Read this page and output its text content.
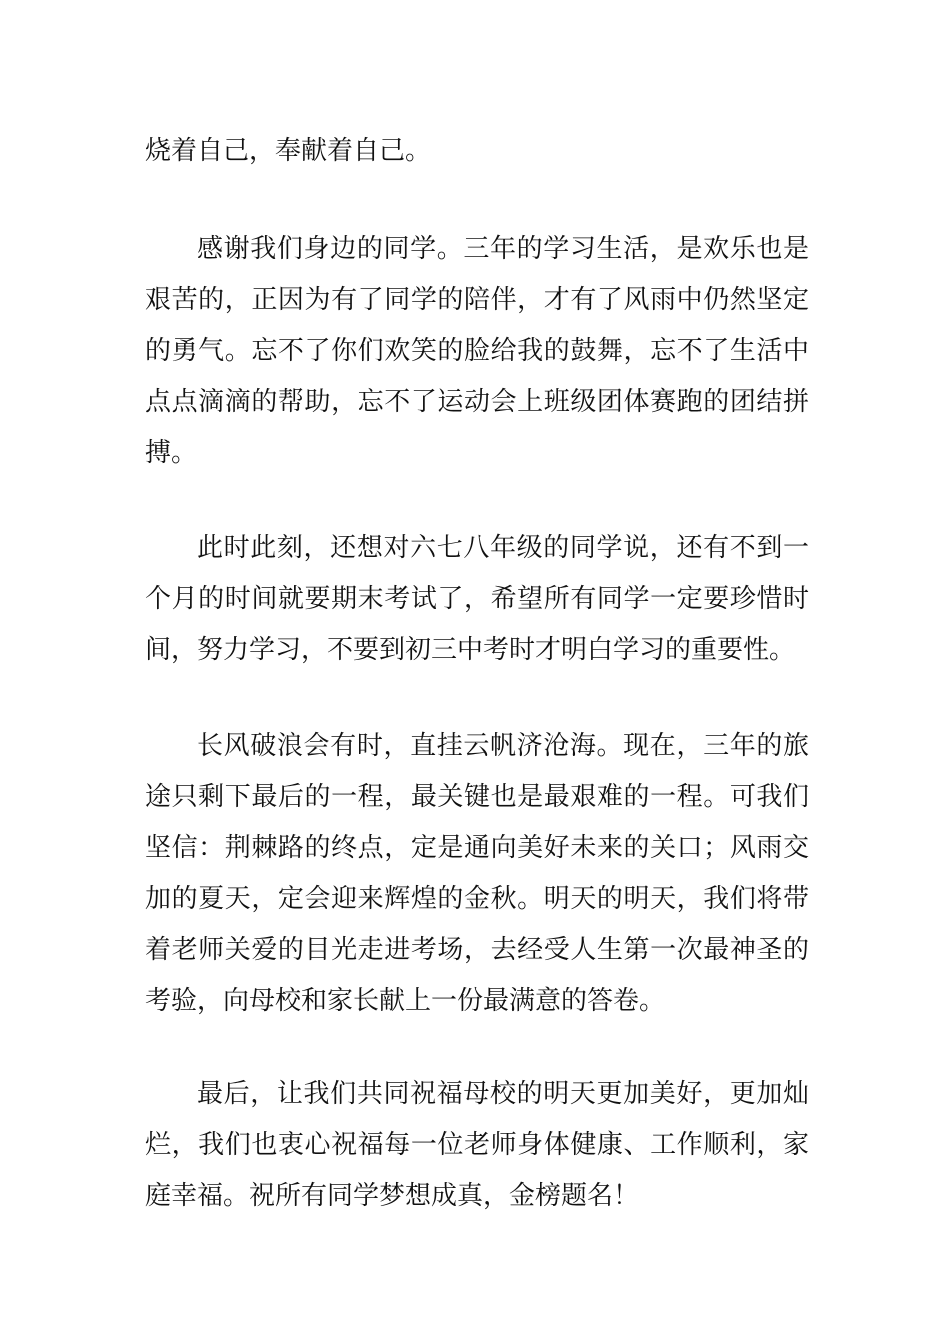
烧着自己，奉献着自己。

感谢我们身边的同学。三年的学习生活，是欢乐也是艰苦的，正因为有了同学的陪伴，才有了风雨中仍然坚定的勇气。忘不了你们欢笑的脸给我的鼓舞，忘不了生活中点点滴滴的帮助，忘不了运动会上班级团体赛跑的团结拼搏。

此时此刻，还想对六七八年级的同学说，还有不到一个月的时间就要期末考试了，希望所有同学一定要珍惜时间，努力学习，不要到初三中考时才明白学习的重要性。

长风破浪会有时，直挂云帆济沧海。现在，三年的旅途只剩下最后的一程，最关键也是最艰难的一程。可我们坚信：荆棘路的终点，定是通向美好未来的关口；风雨交加的夏天，定会迎来辉煌的金秋。明天的明天，我们将带着老师关爱的目光走进考场，去经受人生第一次最神圣的考验，向母校和家长献上一份最满意的答卷。

最后，让我们共同祝福母校的明天更加美好，更加灿烂，我们也衷心祝福每一位老师身体健康、工作顺利，家庭幸福。祝所有同学梦想成真，金榜题名！
